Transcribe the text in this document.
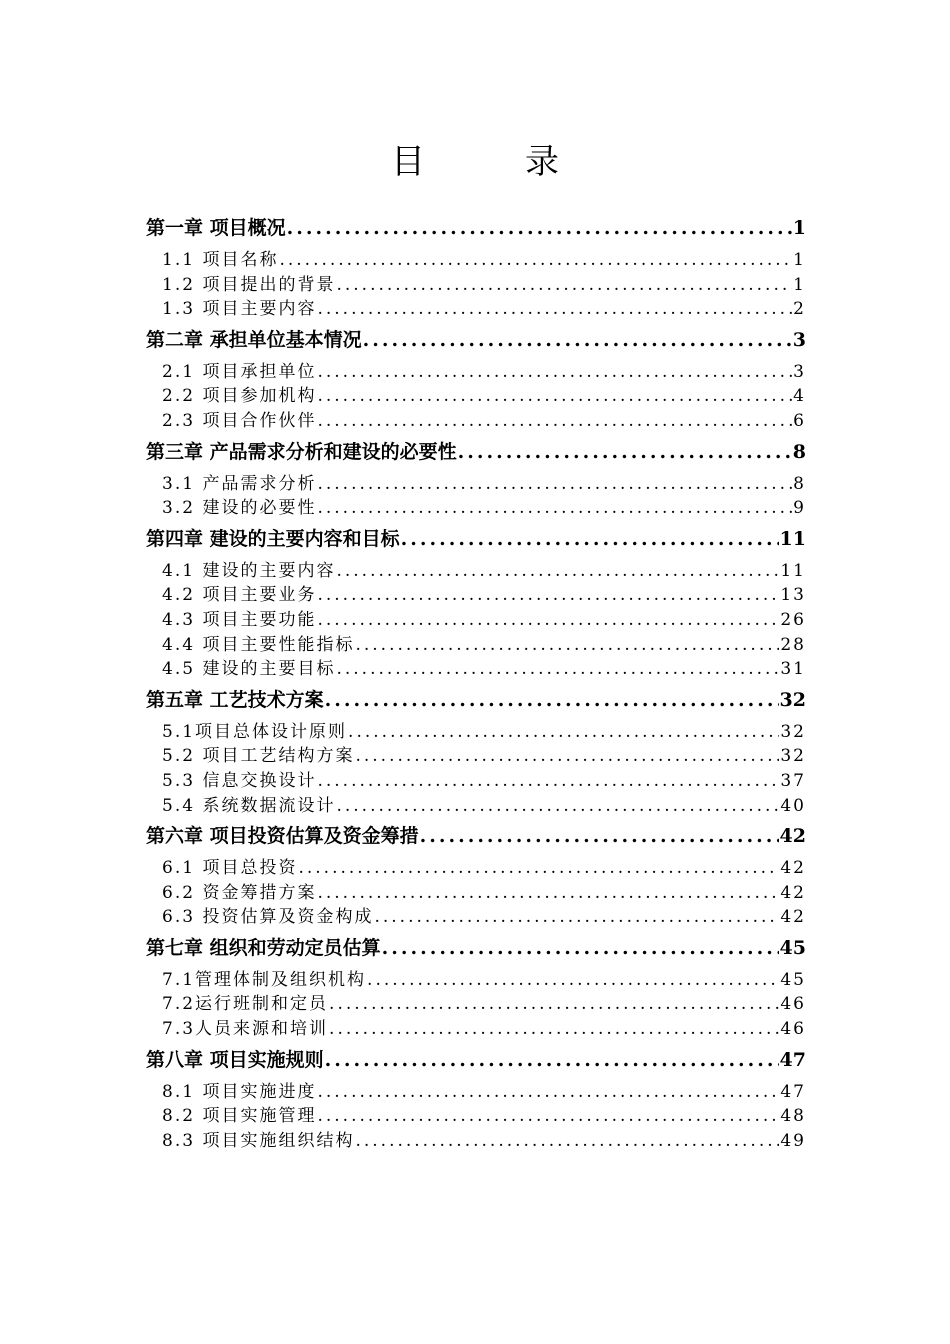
目录
第一章 项目概况 .....	1
1.1 项目名称 .....	1
1.2 项目提出的背景 .....	1
1.3 项目主要内容 .....	2
第二章 承担单位基本情况 .....	3
2.1 项目承担单位 .....	3
2.2 项目参加机构 .....	4
2.3 项目合作伙伴 .....	6
第三章 产品需求分析和建设的必要性 .....	8
3.1 产品需求分析 .....	8
3.2 建设的必要性 .....	9
第四章 建设的主要内容和目标 .....	11
4.1 建设的主要内容 .....	11
4.2 项目主要业务 .....	13
4.3 项目主要功能 .....	26
4.4 项目主要性能指标 .....	28
4.5 建设的主要目标 .....	31
第五章 工艺技术方案 .....	32
5.1项目总体设计原则 .....	32
5.2 项目工艺结构方案 .....	32
5.3 信息交换设计 .....	37
5.4 系统数据流设计 .....	40
第六章 项目投资估算及资金筹措 .....	42
6.1 项目总投资 .....	42
6.2 资金筹措方案 .....	42
6.3 投资估算及资金构成 .....	42
第七章 组织和劳动定员估算 .....	45
7.1管理体制及组织机构 .....	45
7.2运行班制和定员 .....	46
7.3人员来源和培训 .....	46
第八章 项目实施规则 .....	47
8.1 项目实施进度 .....	47
8.2 项目实施管理 .....	48
8.3 项目实施组织结构 .....	49
